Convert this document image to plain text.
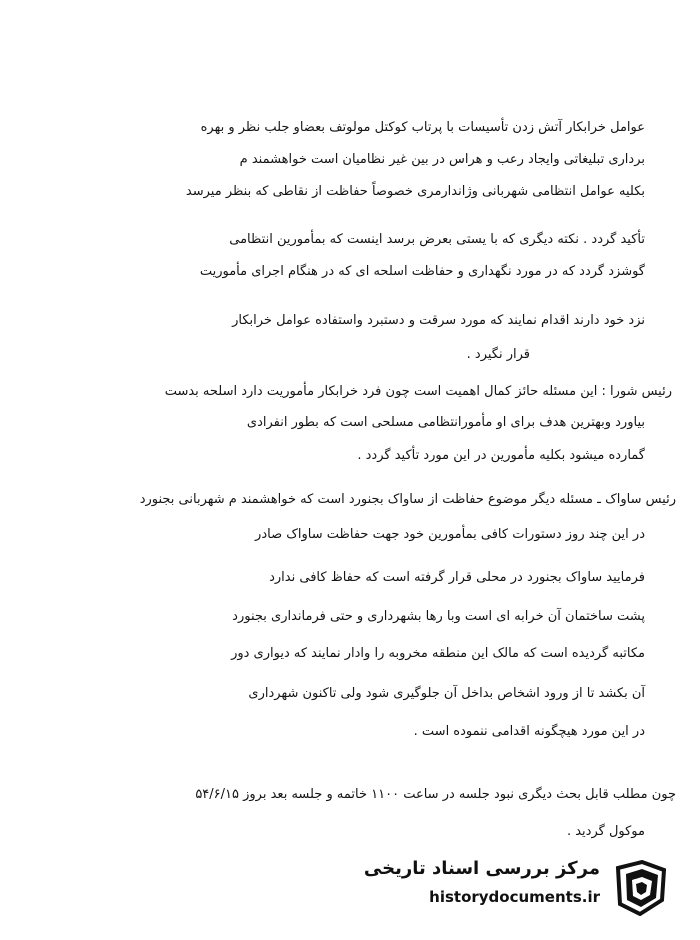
عوامل خرابکار آتش زدن تأسیسات با پرتاب کوکتل مولوتف بعضاو جلب نظر و بهره
برداری تبلیغاتی وایجاد رعب و هراس در بین غیر نظامیان است خواهشمند م
بکلیه عوامل انتظامی شهربانی وژاندارمری خصوصاً حفاظت از نقاطی که بنظر میرسد
تأکید گردد . نکته دیگری که با یستی بعرض برسد اینست که بمأمورین انتظامی
گوشزد گردد که در مورد نگهداری و حفاظت اسلحه ای که در هنگام اجرای مأموریت
نزد خود دارند اقدام نمایند که مورد سرقت و دستبرد واستفاده عوامل خرابکار
قرار نگیرد .
رئیس شورا : این مسئله حائز کمال اهمیت است چون فرد خرابکار مأموریت دارد اسلحه بدست
بیاورد وبهترین هدف برای او مأمورانتظامی مسلحی است که بطور انفرادی
گمارده میشود بکلیه مأمورین در این مورد تأکید گردد .
رئیس ساواک ـ مسئله دیگر موضوع حفاظت از ساواک بجنورد است که خواهشمند م شهربانی بجنورد
در این چند روز دستورات کافی بمأمورین خود جهت حفاظت ساواک صادر
فرمایید ساواک بجنورد در محلی قرار گرفته است که حفاظ کافی ندارد
پشت ساختمان آن خرابه ای است وبا رها بشهرداری و حتی فرمانداری بجنورد
مکاتبه گردیده است که مالک این منطقه مخروبه را وادار نمایند که دیواری دور
آن بکشد تا از ورود اشخاص بداخل آن جلوگیری شود ولی تاکنون شهرداری
در این مورد هیچگونه اقدامی ننموده است .
چون مطلب قابل بحث دیگری نبود جلسه در ساعت ۱۱۰۰ خاتمه و جلسه بعد بروز ۵۴/۶/۱۵
موکول گردید .
مرکز بررسی اسناد تاریخی
historydocuments.ir
